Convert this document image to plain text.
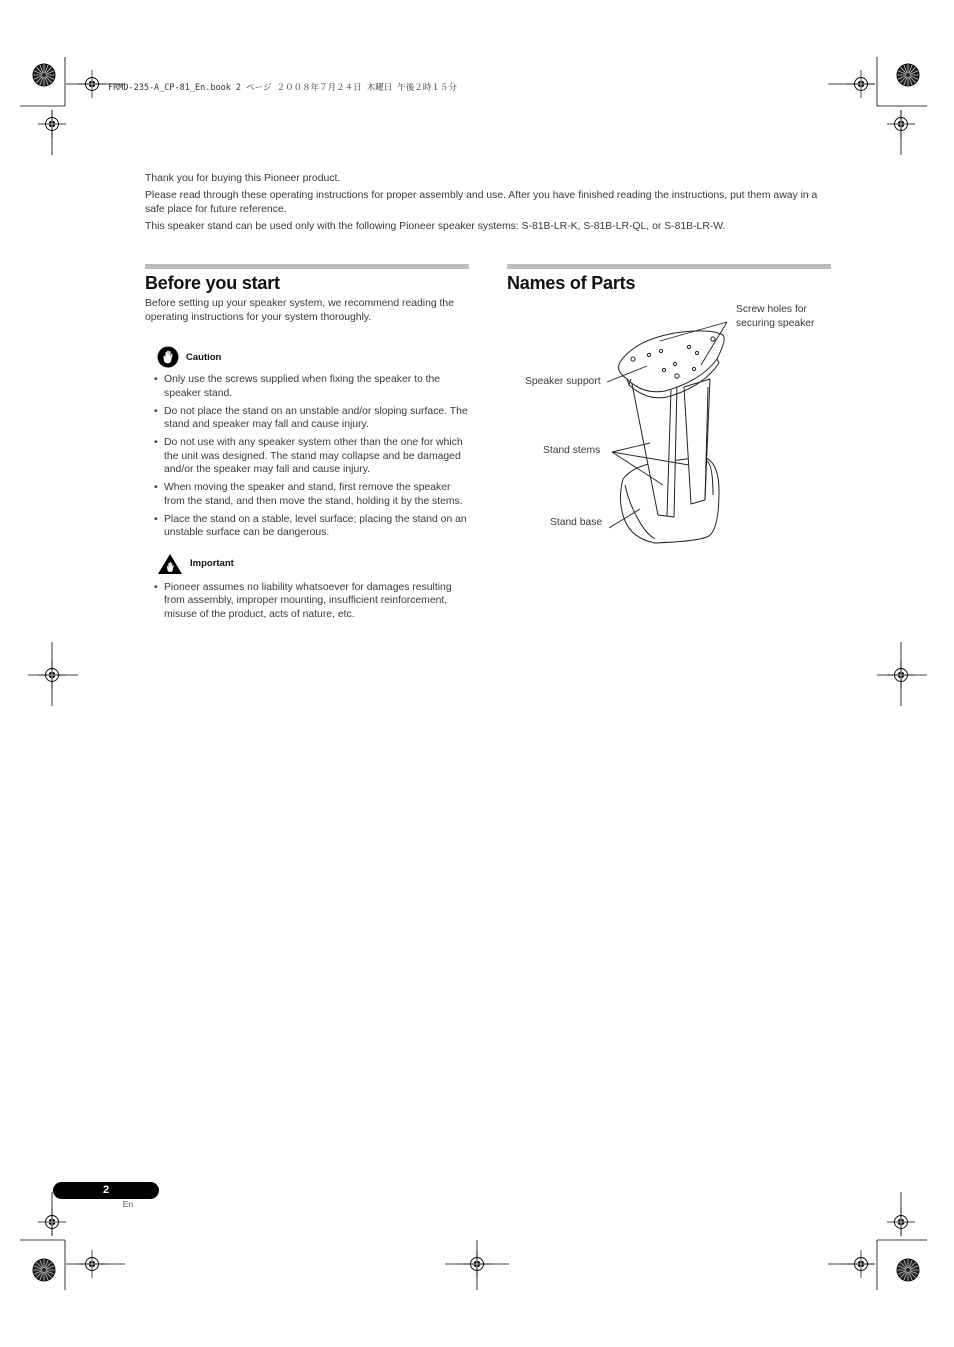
FRMD-235-A_CP-81_En.book 2 ページ ２００８年７月２４日 木曜日 午後２時１５分

Thank you for buying this Pioneer product.

Please read through these operating instructions for proper assembly and use. After you have finished reading the instructions, put them away in a safe place for future reference.

This speaker stand can be used only with the following Pioneer speaker systems: S-81B-LR-K, S-81B-LR-QL, or S-81B-LR-W.

Before you start

Before setting up your speaker system, we recommend reading the operating instructions for your system thoroughly.

Caution
• Only use the screws supplied when fixing the speaker to the speaker stand.
• Do not place the stand on an unstable and/or sloping surface. The stand and speaker may fall and cause injury.
• Do not use with any speaker system other than the one for which the unit was designed. The stand may collapse and be damaged and/or the speaker may fall and cause injury.
• When moving the speaker and stand, first remove the speaker from the stand, and then move the stand, holding it by the stems.
• Place the stand on a stable, level surface; placing the stand on an unstable surface can be dangerous.
Important
• Pioneer assumes no liability whatsoever for damages resulting from assembly, improper mounting, insufficient reinforcement, misuse of the product, acts of nature, etc.
Names of Parts
Screw holes for
securing speaker
Speaker support
Stand stems
Stand base
2
En
